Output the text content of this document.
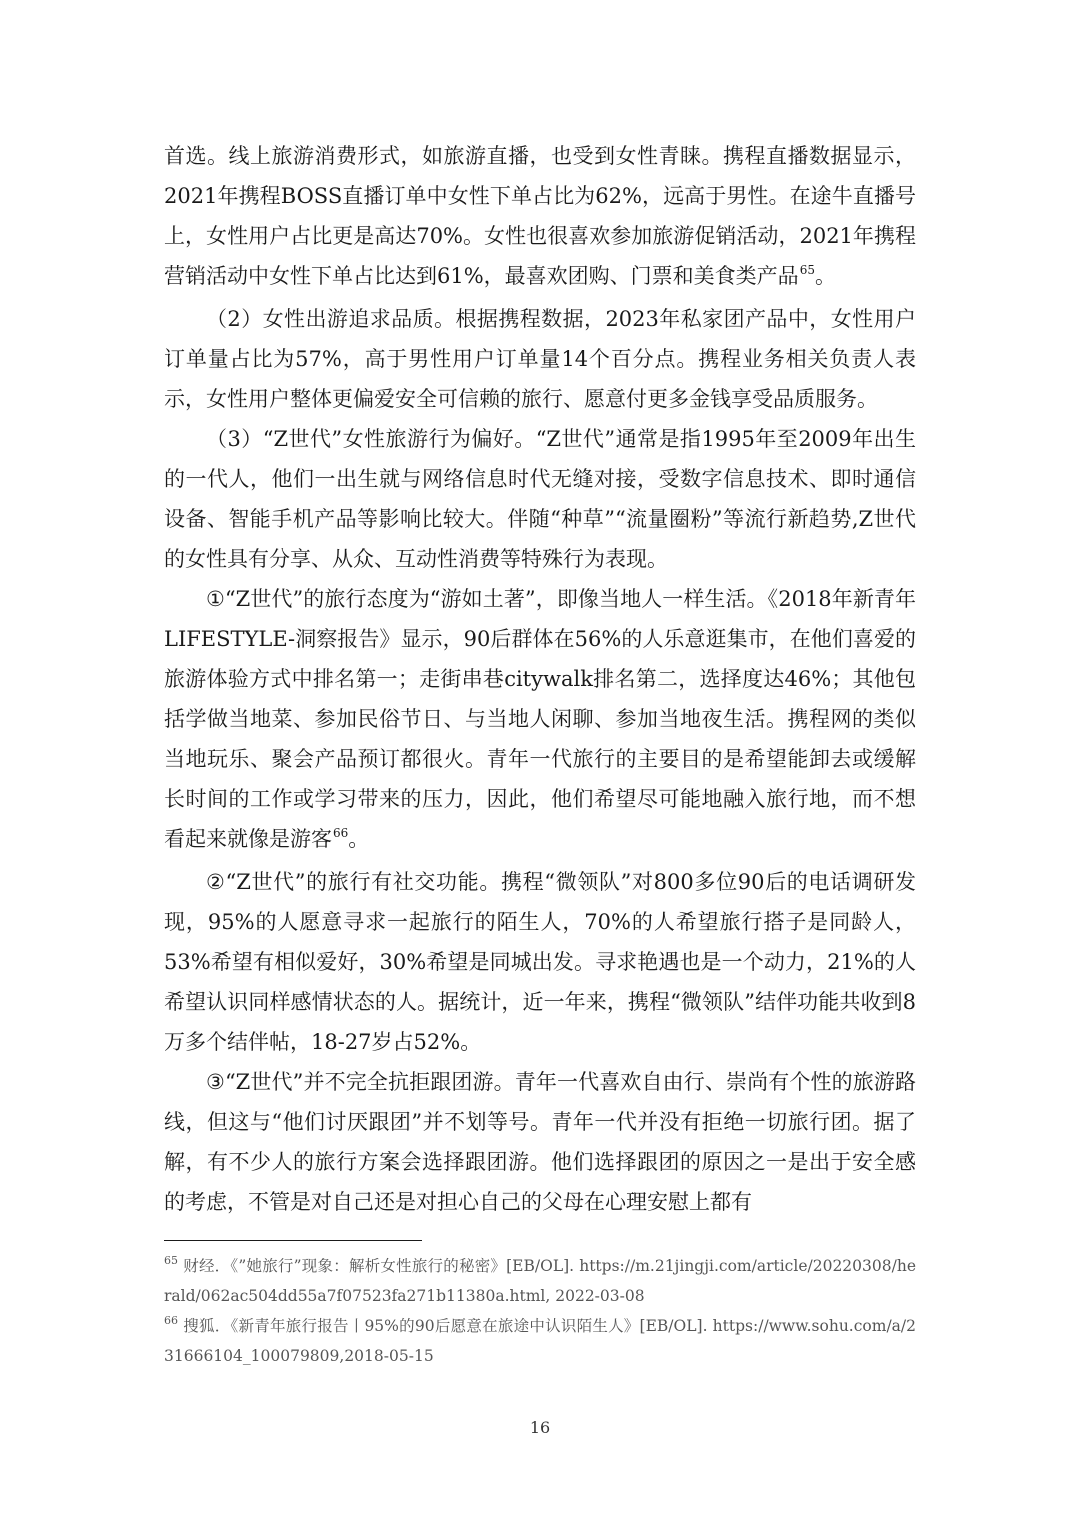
首选。线上旅游消费形式，如旅游直播，也受到女性青睐。携程直播数据显示，2021年携程BOSS直播订单中女性下单占比为62%，远高于男性。在途牛直播号上，女性用户占比更是高达70%。女性也很喜欢参加旅游促销活动，2021年携程营销活动中女性下单占比达到61%，最喜欢团购、门票和美食类产品$^{65}$。

（2）女性出游追求品质。根据携程数据，2023年私家团产品中，女性用户订单量占比为57%，高于男性用户订单量14个百分点。携程业务相关负责人表示，女性用户整体更偏爱安全可信赖的旅行、愿意付更多金钱享受品质服务。

（3）“Z世代”女性旅游行为偏好。“Z世代”通常是指1995年至2009年出生的一代人，他们一出生就与网络信息时代无缝对接，受数字信息技术、即时通信设备、智能手机产品等影响比较大。伴随“种草”“流量圈粉”等流行新趋势,Z世代的女性具有分享、从众、互动性消费等特殊行为表现。

①“Z世代”的旅行态度为“游如土著”，即像当地人一样生活。《2018年新青年LIFESTYLE-洞察报告》显示，90后群体在56%的人乐意逛集市，在他们喜爱的旅游体验方式中排名第一；走街串巷citywalk排名第二，选择度达46%；其他包括学做当地菜、参加民俗节日、与当地人闲聊、参加当地夜生活。携程网的类似当地玩乐、聚会产品预订都很火。青年一代旅行的主要目的是希望能卸去或缓解长时间的工作或学习带来的压力，因此，他们希望尽可能地融入旅行地，而不想看起来就像是游客$^{66}$。

②“Z世代”的旅行有社交功能。携程“微领队”对800多位90后的电话调研发现，95%的人愿意寻求一起旅行的陌生人，70%的人希望旅行搭子是同龄人，53%希望有相似爱好，30%希望是同城出发。寻求艳遇也是一个动力，21%的人希望认识同样感情状态的人。据统计，近一年来，携程“微领队”结伴功能共收到8万多个结伴帖，18-27岁占52%。

③“Z世代”并不完全抗拒跟团游。青年一代喜欢自由行、崇尚有个性的旅游路线，但这与“他们讨厌跟团”并不划等号。青年一代并没有拒绝一切旅行团。据了解，有不少人的旅行方案会选择跟团游。他们选择跟团的原因之一是出于安全感的考虑，不管是对自己还是对担心自己的父母在心理安慰上都有

$^{65}$ 财经．《”她旅行”现象：解析女性旅行的秘密》[EB/OL]. https://m.21jingji.com/article/20220308/herald/062ac504dd55a7f07523fa271b11380a.html, 2022-03-08

$^{66}$ 搜狐．《新青年旅行报告丨95%的90后愿意在旅途中认识陌生人》[EB/OL]. https://www.sohu.com/a/231666104_100079809,2018-05-15

16
